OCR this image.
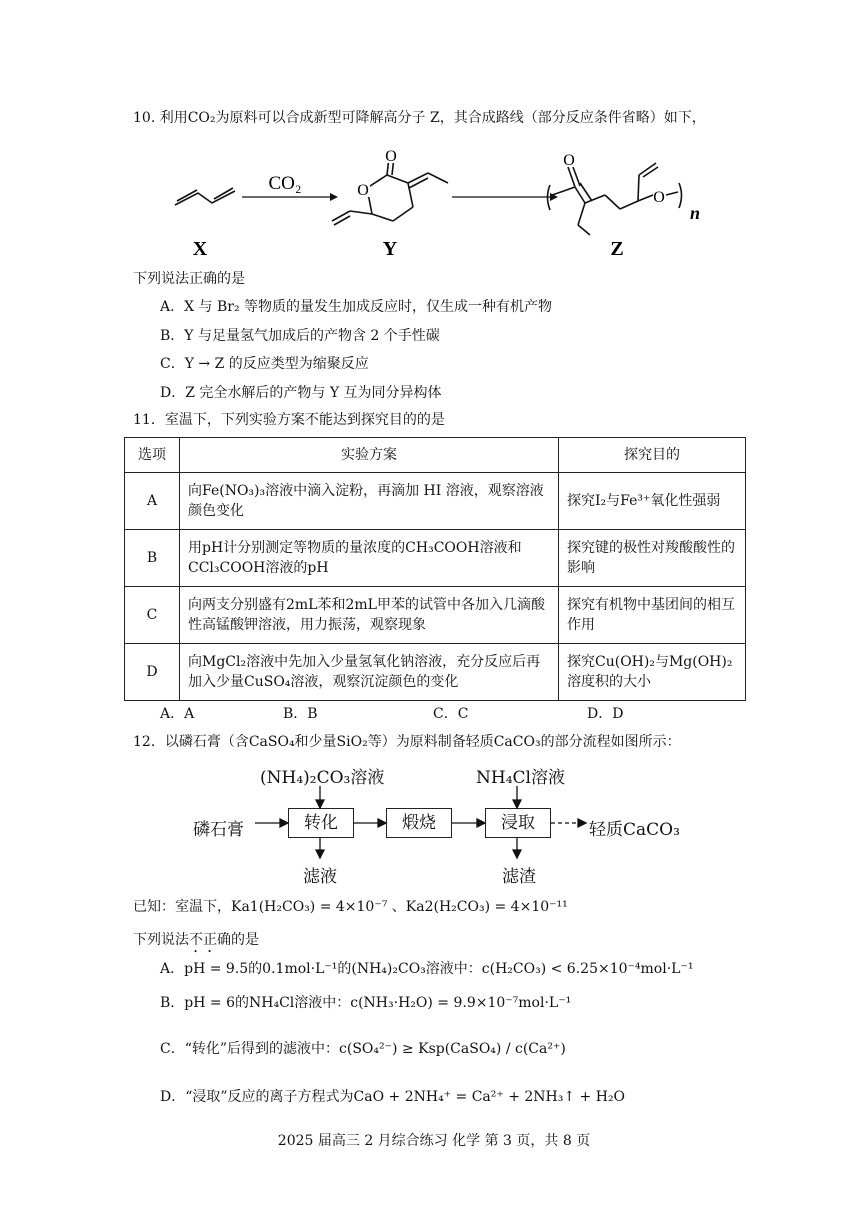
10. 利用CO₂为原料可以合成新型可降解高分子 Z，其合成路线（部分反应条件省略）如下，
X
CO₂	O
O
Y
O
O
n
Z
下列说法正确的是
A．X 与 Br₂ 等物质的量发生加成反应时，仅生成一种有机产物
B．Y 与足量氢气加成后的产物含 2 个手性碳
C．Y → Z 的反应类型为缩聚反应
D．Z 完全水解后的产物与 Y 互为同分异构体
11．室温下，下列实验方案不能达到探究目的的是
选项	实验方案	探究目的
A	向Fe(NO₃)₃溶液中滴入淀粉，再滴加 HI 溶液，观察溶液颜色变化	探究I₂与Fe³⁺氧化性强弱
B	用pH计分别测定等物质的量浓度的CH₃COOH溶液和CCl₃COOH溶液的pH	探究键的极性对羧酸酸性的影响
C	向两支分别盛有2mL苯和2mL甲苯的试管中各加入几滴酸性高锰酸钾溶液，用力振荡，观察现象	探究有机物中基团间的相互作用
D	向MgCl₂溶液中先加入少量氢氧化钠溶液，充分反应后再加入少量CuSO₄溶液，观察沉淀颜色的变化	探究Cu(OH)₂与Mg(OH)₂溶度积的大小
A．A	B．B	C．C	D．D
12．以磷石膏（含CaSO₄和少量SiO₂等）为原料制备轻质CaCO₃的部分流程如图所示：
(NH₄)₂CO₃溶液	NH₄Cl溶液
磷石膏	转化	煅烧	浸取	轻质CaCO₃
滤液	滤渣
已知：室温下，Ka1(H₂CO₃) = 4×10⁻⁷ 、Ka2(H₂CO₃) = 4×10⁻¹¹
下列说法不正确的是
A．pH = 9.5的0.1mol·L⁻¹的(NH₄)₂CO₃溶液中：c(H₂CO₃) < 6.25×10⁻⁴mol·L⁻¹
B．pH = 6的NH₄Cl溶液中：c(NH₃·H₂O) = 9.9×10⁻⁷mol·L⁻¹
C．“转化”后得到的滤液中：c(SO₄²⁻) ≥ Ksp(CaSO₄) / c(Ca²⁺)
D．“浸取”反应的离子方程式为CaO + 2NH₄⁺ = Ca²⁺ + 2NH₃↑ + H₂O
2025 届高三 2 月综合练习 化学 第 3 页，共 8 页
